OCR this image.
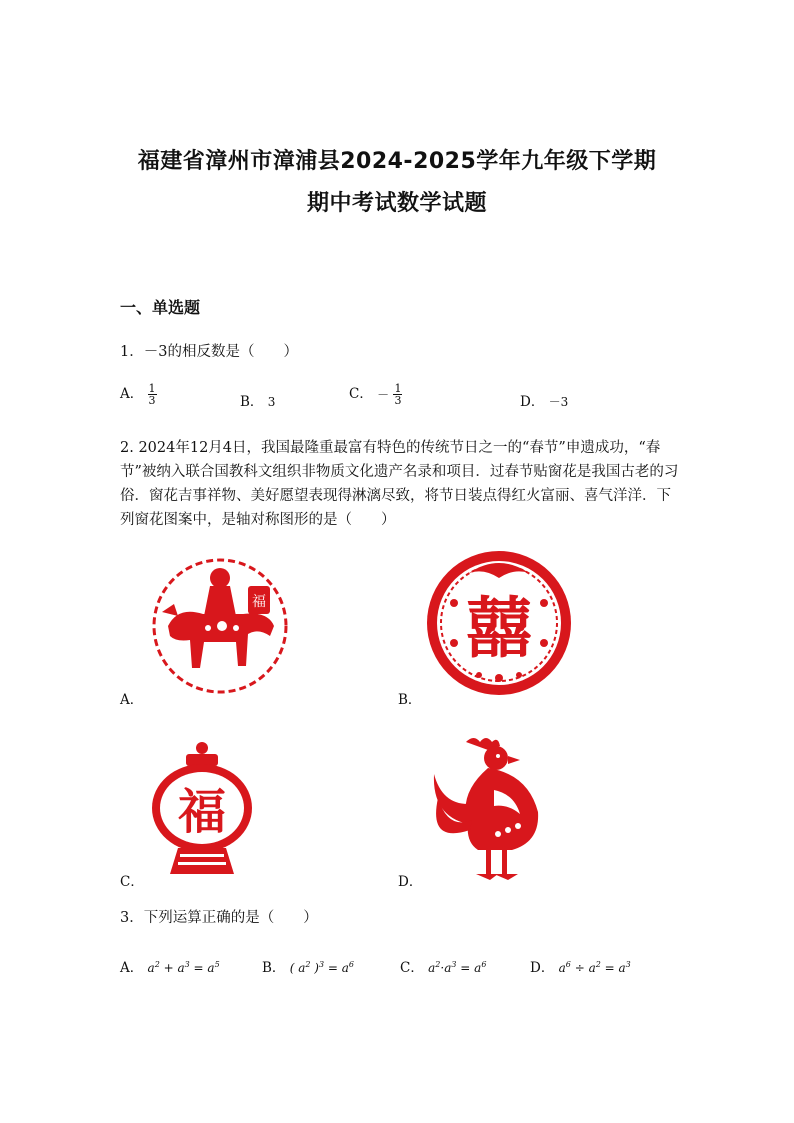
福建省漳州市漳浦县2024-2025学年九年级下学期
期中考试数学试题
一、单选题
1．－3的相反数是（　　）
A． $\frac{1}{3}$	B． 3	C． － $\frac{1}{3}$	D． －3
2. 2024年12月4日，我国最隆重最富有特色的传统节日之一的“春节”申遗成功，“春节”被纳入联合国教科文组织非物质文化遗产名录和项目．过春节贴窗花是我国古老的习俗．窗花吉事祥物、美好愿望表现得淋漓尽致，将节日装点得红火富丽、喜气洋洋．下列窗花图案中，是轴对称图形的是（　　）
福
A．
囍
B．
福
C．	D．
3．下列运算正确的是（　　）
A． $a^2 + a^3 = a^5$	B． ( $a^2$ )$^3 = a^6$	C． $a^2\cdot a^3 = a^6$	D． $a^6 \div a^2 = a^3$
